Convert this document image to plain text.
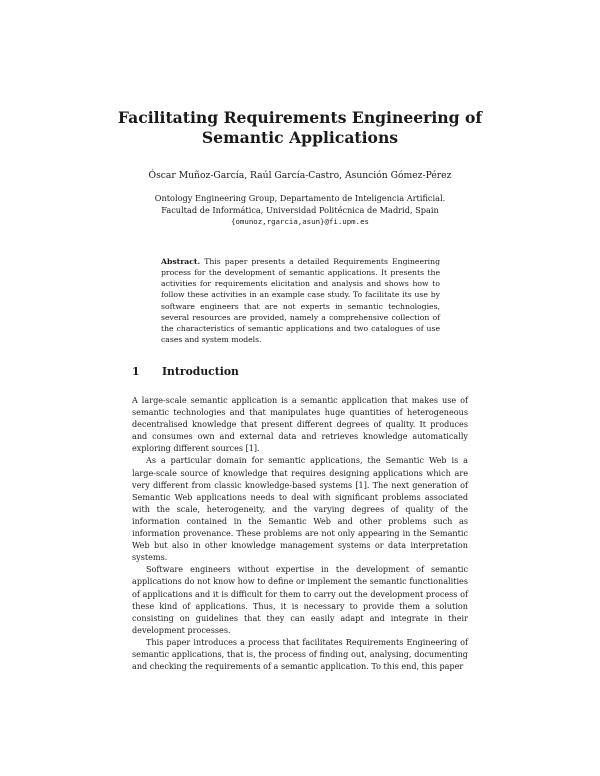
Facilitating Requirements Engineering of
Semantic Applications
Óscar Muñoz-García, Raúl García-Castro, Asunción Gómez-Pérez
Ontology Engineering Group, Departamento de Inteligencia Artificial.
Facultad de Informática, Universidad Politécnica de Madrid, Spain
{omunoz,rgarcia,asun}@fi.upm.es
Abstract. This paper presents a detailed Requirements Engineering process for the development of semantic applications. It presents the activities for requirements elicitation and analysis and shows how to follow these activities in an example case study. To facilitate its use by software engineers that are not experts in semantic technologies, several resources are provided, namely a comprehensive collection of the characteristics of semantic applications and two catalogues of use cases and system models.
1 Introduction

A large-scale semantic application is a semantic application that makes use of semantic technologies and that manipulates huge quantities of heterogeneous decentralised knowledge that present different degrees of quality. It produces and consumes own and external data and retrieves knowledge automatically exploring different sources [1].

As a particular domain for semantic applications, the Semantic Web is a large-scale source of knowledge that requires designing applications which are very different from classic knowledge-based systems [1]. The next generation of Semantic Web applications needs to deal with significant problems associated with the scale, heterogeneity, and the varying degrees of quality of the information contained in the Semantic Web and other problems such as information provenance. These problems are not only appearing in the Semantic Web but also in other knowledge management systems or data interpretation systems.

Software engineers without expertise in the development of semantic applications do not know how to define or implement the semantic functionalities of applications and it is difficult for them to carry out the development process of these kind of applications. Thus, it is necessary to provide them a solution consisting on guidelines that they can easily adapt and integrate in their development processes.

This paper introduces a process that facilitates Requirements Engineering of semantic applications, that is, the process of finding out, analysing, documenting and checking the requirements of a semantic application. To this end, this paper
